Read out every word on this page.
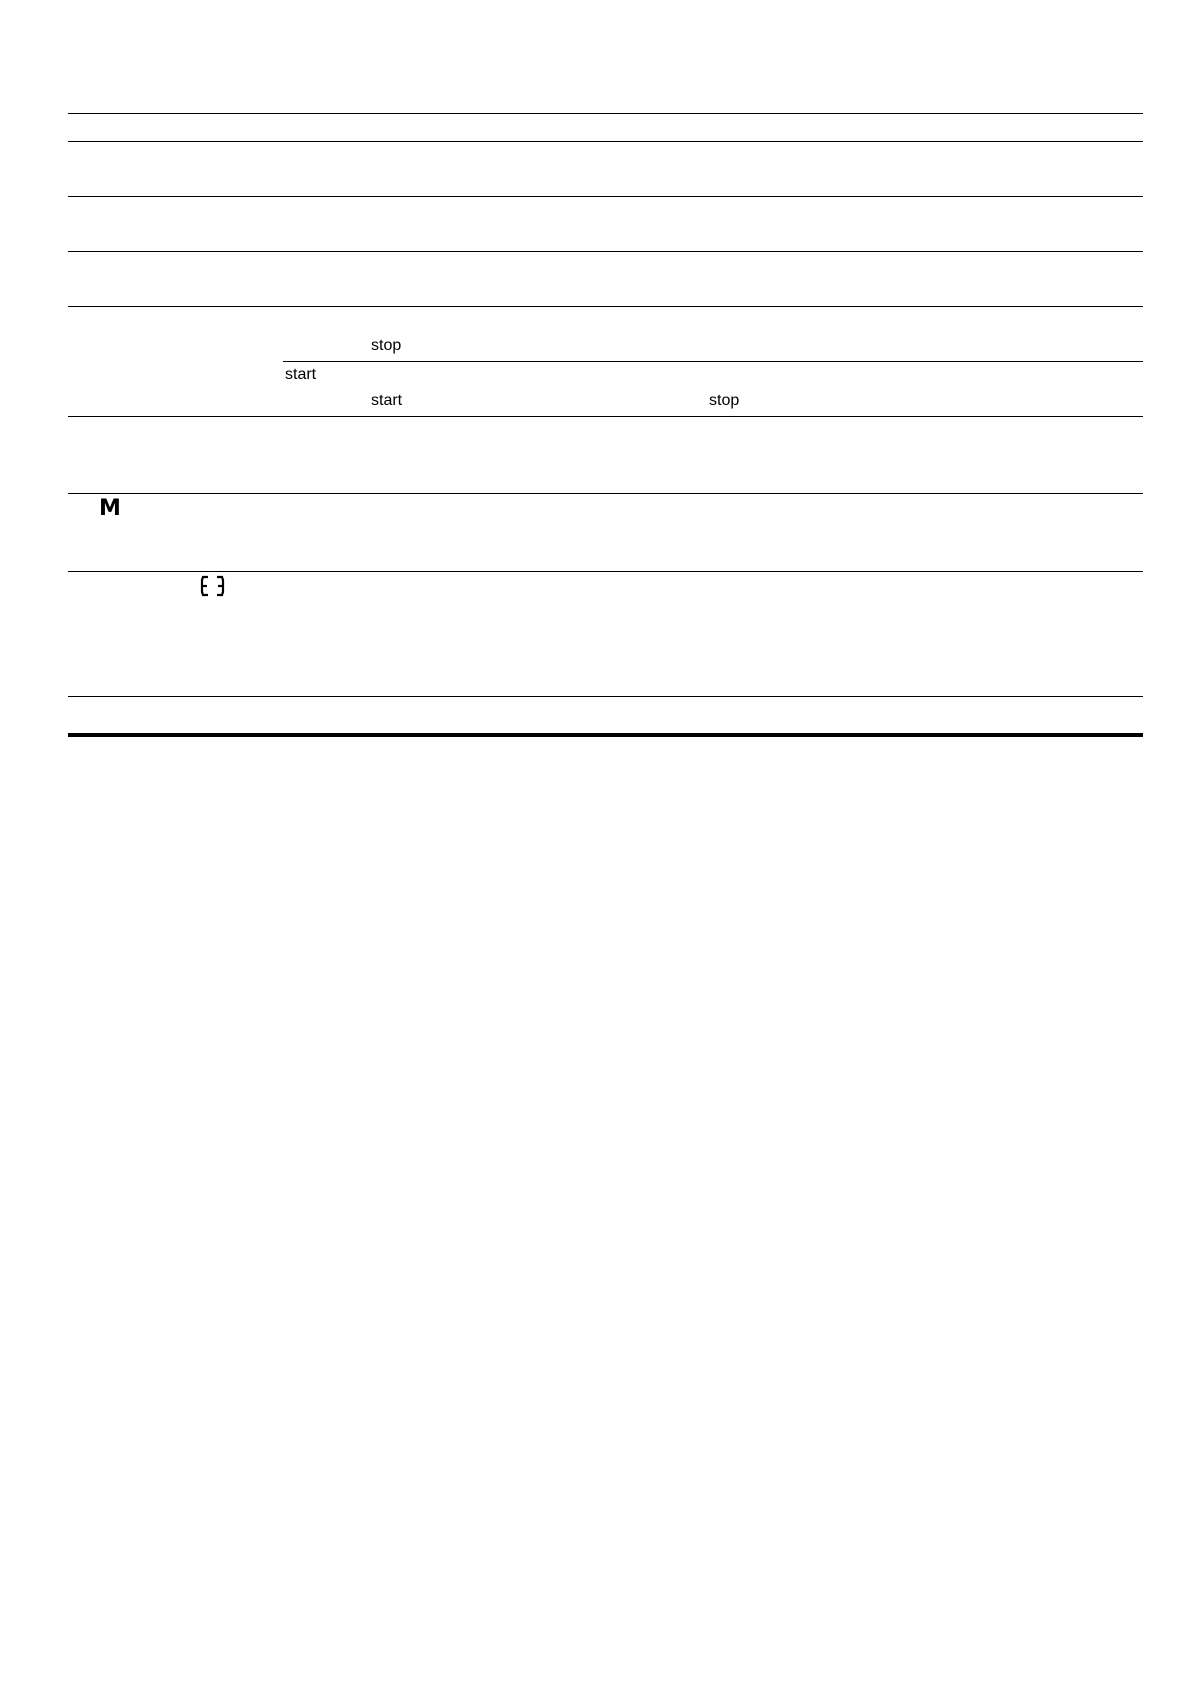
stop
start
start	stop
M
